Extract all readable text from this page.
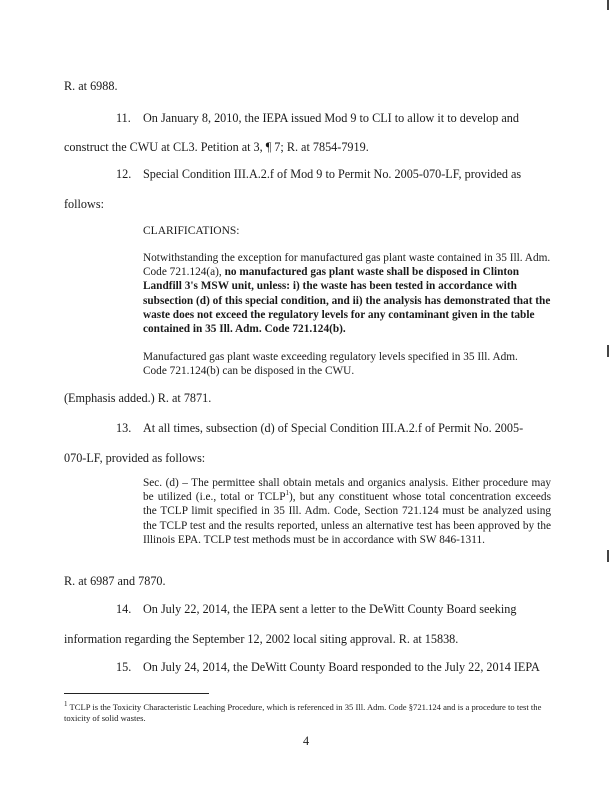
R. at 6988.
11. On January 8, 2010, the IEPA issued Mod 9 to CLI to allow it to develop and
construct the CWU at CL3. Petition at 3, ¶ 7; R. at 7854-7919.
12. Special Condition III.A.2.f of Mod 9 to Permit No. 2005-070-LF, provided as
follows:
CLARIFICATIONS:
Notwithstanding the exception for manufactured gas plant waste contained in 35 Ill. Adm. Code 721.124(a), no manufactured gas plant waste shall be disposed in Clinton Landfill 3's MSW unit, unless: i) the waste has been tested in accordance with subsection (d) of this special condition, and ii) the analysis has demonstrated that the waste does not exceed the regulatory levels for any contaminant given in the table contained in 35 Ill. Adm. Code 721.124(b).
Manufactured gas plant waste exceeding regulatory levels specified in 35 Ill. Adm. Code 721.124(b) can be disposed in the CWU.
(Emphasis added.) R. at 7871.
13. At all times, subsection (d) of Special Condition III.A.2.f of Permit No. 2005-
070-LF, provided as follows:
Sec. (d) – The permittee shall obtain metals and organics analysis. Either procedure may be utilized (i.e., total or TCLP$^1$), but any constituent whose total concentration exceeds the TCLP limit specified in 35 Ill. Adm. Code, Section 721.124 must be analyzed using the TCLP test and the results reported, unless an alternative test has been approved by the Illinois EPA. TCLP test methods must be in accordance with SW 846-1311.
R. at 6987 and 7870.
14. On July 22, 2014, the IEPA sent a letter to the DeWitt County Board seeking
information regarding the September 12, 2002 local siting approval. R. at 15838.
15. On July 24, 2014, the DeWitt County Board responded to the July 22, 2014 IEPA
$^1$ TCLP is the Toxicity Characteristic Leaching Procedure, which is referenced in 35 Ill. Adm. Code §721.124 and is a procedure to test the toxicity of solid wastes.
4
